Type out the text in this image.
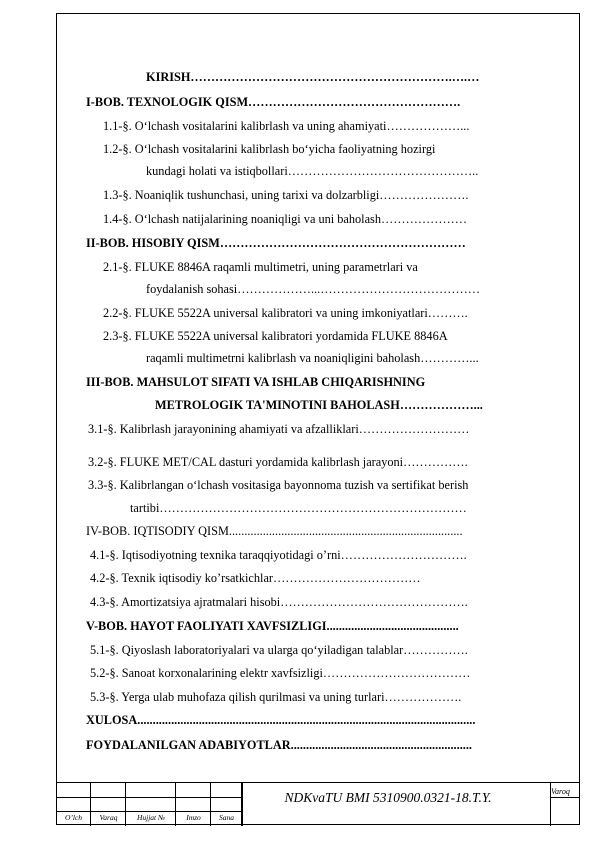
KIRISH……………………………………………………….….…
I-BOB. TEXNOLOGIK QISM…………………………………………….
1.1-§. O‘lchash vositalarini kalibrlash va uning ahamiyati………………...
1.2-§. O‘lchash vositalarini kalibrlash bo‘yicha faoliyatning hozirgi
kundagi holati va istiqbollari………………………………………..
1.3-§. Noaniqlik tushunchasi, uning tarixi va dolzarbligi………………….
1.4-§. O‘lchash natijalarining noaniqligi va uni baholash…………………
II-BOB. HISOBIY QISM……………………………………………………
2.1-§. FLUKE 8846A raqamli multimetri, uning parametrlari va
foydalanish sohasi………………...…………………………………
2.2-§. FLUKE 5522A universal kalibratori va uning imkoniyatlari……….
2.3-§. FLUKE 5522A universal kalibratori yordamida FLUKE 8846A
raqamli multimetrni kalibrlash va noaniqligini baholash…………...
III-BOB. MAHSULOT SIFATI VA ISHLAB CHIQARISHNING
METROLOGIK TA'MINOTINI BAHOLASH………………...
3.1-§. Kalibrlash jarayonining ahamiyati va afzalliklari………………………
3.2-§. FLUKE MET/CAL dasturi yordamida kalibrlash jarayoni…………….
3.3-§. Kalibrlangan o‘lchash vositasiga bayonnoma tuzish va sertifikat berish
tartibi…………………………………………………………………
IV-BOB. IQTISODIY QISM............................................................................
4.1-§. Iqtisodiyotning texnika taraqqiyotidagi o’rni………………………….
4.2-§. Texnik iqtisodiy ko’rsatkichlar………………………………
4.3-§. Amortizatsiya ajratmalari hisobi……………………………………….
V-BOB. HAYOT FAOLIYATI XAVFSIZLIGI...........................................
5.1-§. Qiyoslash laboratoriyalari va ularga qo‘yiladigan talablar…………….
5.2-§. Sanoat korxonalarining elektr xavfsizligi………………………………
5.3-§. Yerga ulab muhofaza qilish qurilmasi va uning turlari……………….
XULOSA..............................................................................................................
FOYDALANILGAN ADABIYOTLAR...........................................................
O’lch	Varaq	Hujjat №	Imzo	Sana
NDKvaTU BMI 5310900.0321-18.T.Y.	Varoq
